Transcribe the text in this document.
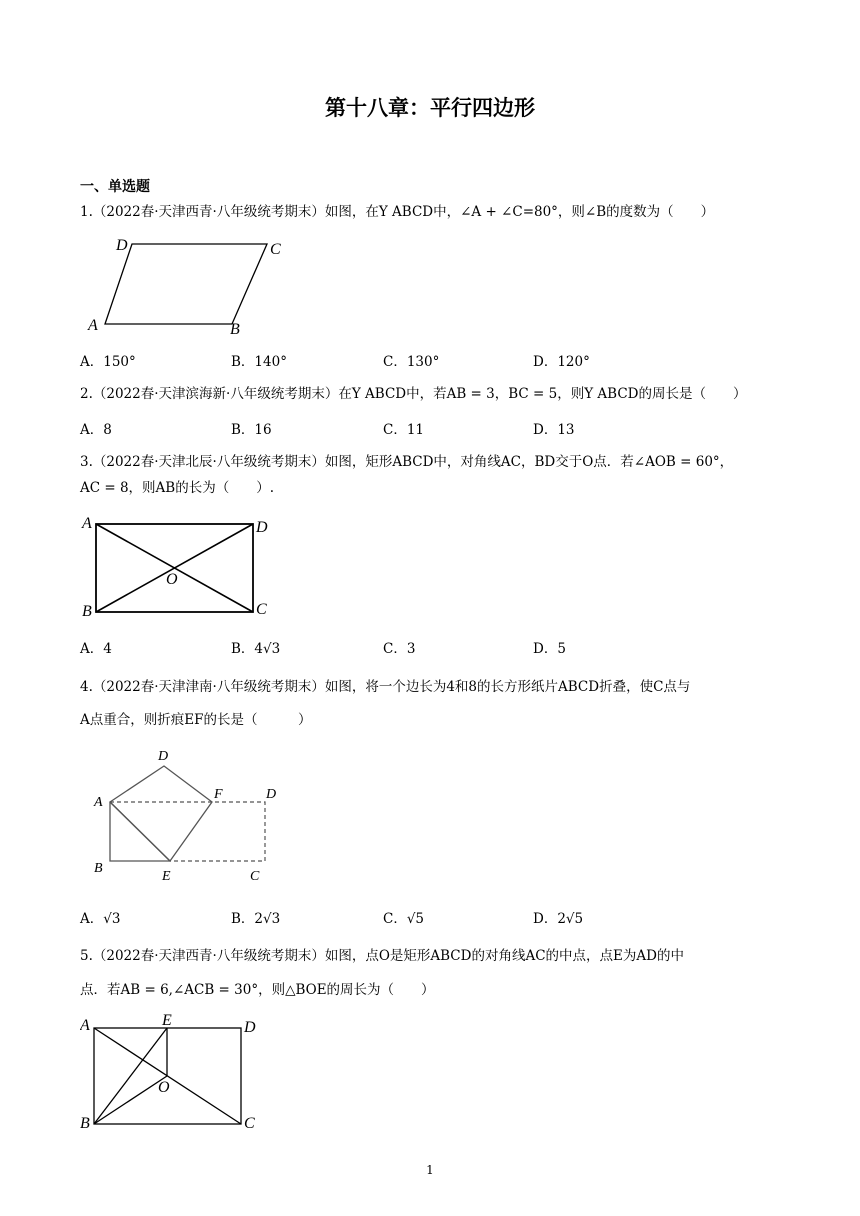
第十八章：平行四边形
一、单选题
1.（2022春·天津西青·八年级统考期末）如图，在Y ABCD中，∠A + ∠C=80°，则∠B的度数为（　　）
D	C
A	B
A．150°	B．140°	C．130°	D．120°
2.（2022春·天津滨海新·八年级统考期末）在Y ABCD中，若AB = 3，BC = 5，则Y ABCD的周长是（　　）
A．8	B．16	C．11	D．13
3.（2022春·天津北辰·八年级统考期末）如图，矩形ABCD中，对角线AC，BD交于O点．若∠AOB = 60°，
AC = 8，则AB的长为（　　）.
A	D
O
B	C
A．4	B．4√3	C．3	D．5
4.（2022春·天津津南·八年级统考期末）如图，将一个边长为4和8的长方形纸片ABCD折叠，使C点与
A点重合，则折痕EF的长是（　　　）
D
A
F	D
B
E	C
A．√3	B．2√3	C．√5	D．2√5
5.（2022春·天津西青·八年级统考期末）如图，点O是矩形ABCD的对角线AC的中点，点E为AD的中
点．若AB = 6,∠ACB = 30°，则△BOE的周长为（　　）
A	E	D
O
B	C
1
